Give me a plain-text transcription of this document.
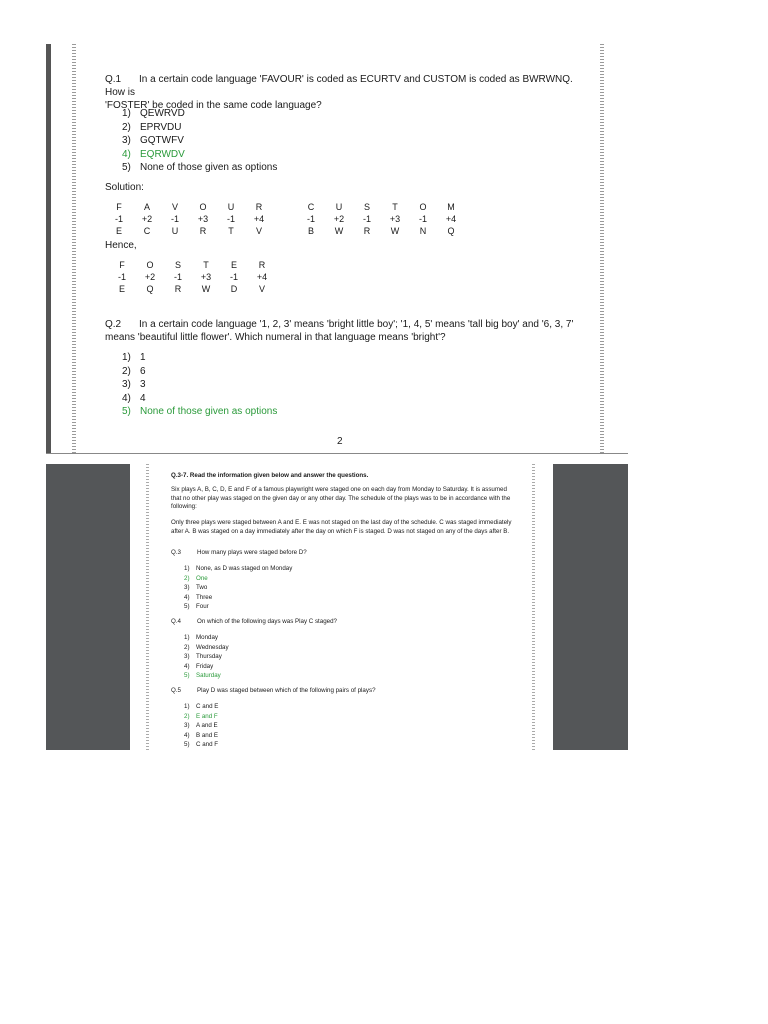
Q.1 In a certain code language 'FAVOUR' is coded as ECURTV and CUSTOM is coded as BWRWNQ. How is
'FOSTER' be coded in the same code language?
1) QEWRVD
2) EPRVDU
3) GQTWFV
4) EQRWDV
5) None of those given as options
Solution:
F	A	V	O	U	R
-1	+2	-1	+3	-1	+4
E	C	U	R	T	V
C	U	S	T	O	M
-1	+2	-1	+3	-1	+4
B	W	R	W	N	Q
Hence,
F	O	S	T	E	R
-1	+2	-1	+3	-1	+4
E	Q	R	W	D	V
Q.2 In a certain code language '1, 2, 3' means 'bright little boy'; '1, 4, 5' means 'tall big boy' and '6, 3, 7'
means 'beautiful little flower'. Which numeral in that language means 'bright'?
1) 1
2) 6
3) 3
4) 4
5) None of those given as options
2
Q.3-7. Read the information given below and answer the questions.
Six plays A, B, C, D, E and F of a famous playwright were staged one on each day from Monday to Saturday. It is assumed that no other play was staged on the given day or any other day. The schedule of the plays was to be in accordance with the following:
Only three plays were staged between A and E. E was not staged on the last day of the schedule. C was staged immediately after A. B was staged on a day immediately after the day on which F is staged. D was not staged on any of the days after B.
Q.3	How many plays were staged before D?
1) None, as D was staged on Monday
2) One
3) Two
4) Three
5) Four
Q.4	On which of the following days was Play C staged?
1) Monday
2) Wednesday
3) Thursday
4) Friday
5) Saturday
Q.5	Play D was staged between which of the following pairs of plays?
1) C and E
2) E and F
3) A and E
4) B and E
5) C and F
